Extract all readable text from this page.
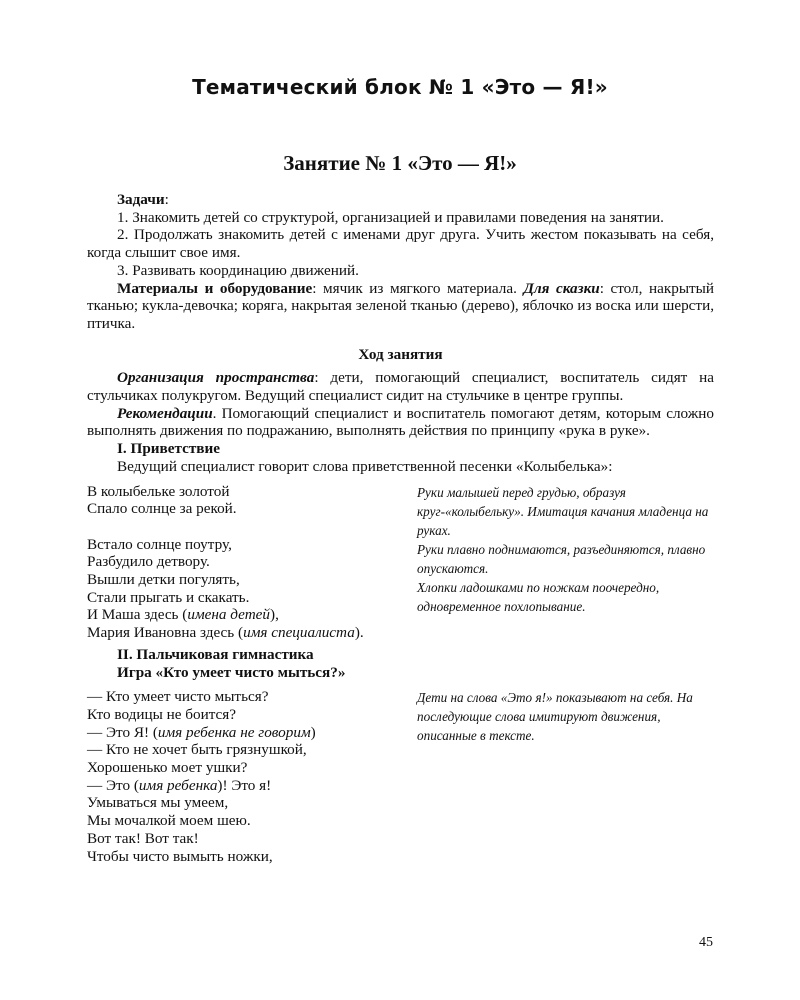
Тематический блок № 1 «Это — Я!»
Занятие № 1 «Это — Я!»

Задачи:

1. Знакомить детей со структурой, организацией и правилами поведения на занятии.

2. Продолжать знакомить детей с именами друг друга. Учить жестом показывать на себя, когда слышит свое имя.

3. Развивать координацию движений.

Материалы и оборудование: мячик из мягкого материала. Для сказки: стол, накрытый тканью; кукла-девочка; коряга, накрытая зеленой тканью (дерево), яблочко из воска или шерсти, птичка.

Ход занятия

Организация пространства: дети, помогающий специалист, воспитатель сидят на стульчиках полукругом. Ведущий специалист сидит на стульчике в центре группы.

Рекомендации. Помогающий специалист и воспитатель помогают детям, которым сложно выполнять движения по подражанию, выполнять действия по принципу «рука в руке».

I. Приветствие

Ведущий специалист говорит слова приветственной песенки «Колыбелька»:

В колыбельке золотой
Спало солнце за рекой.
Встало солнце поутру,
Разбудило детвору.
Вышли детки погулять,
Стали прыгать и скакать.
И Маша здесь (имена детей),
Мария Ивановна здесь (имя специалиста).
Руки малышей перед грудью, образуя круг-«колыбельку». Имитация качания младенца на руках.
Руки плавно поднимаются, разъединяются, плавно опускаются.
Хлопки ладошками по ножкам поочередно, одновременное похлопывание.
II. Пальчиковая гимнастика
Игра «Кто умеет чисто мыться?»
— Кто умеет чисто мыться?
Кто водицы не боится?
— Это Я! (имя ребенка не говорим)
— Кто не хочет быть грязнушкой,
Хорошенько моет ушки?
— Это (имя ребенка)! Это я!
Умываться мы умеем,
Мы мочалкой моем шею.
Вот так! Вот так!
Чтобы чисто вымыть ножки,
Дети на слова «Это я!» показывают на себя. На последующие слова имитируют движения, описанные в тексте.
45
